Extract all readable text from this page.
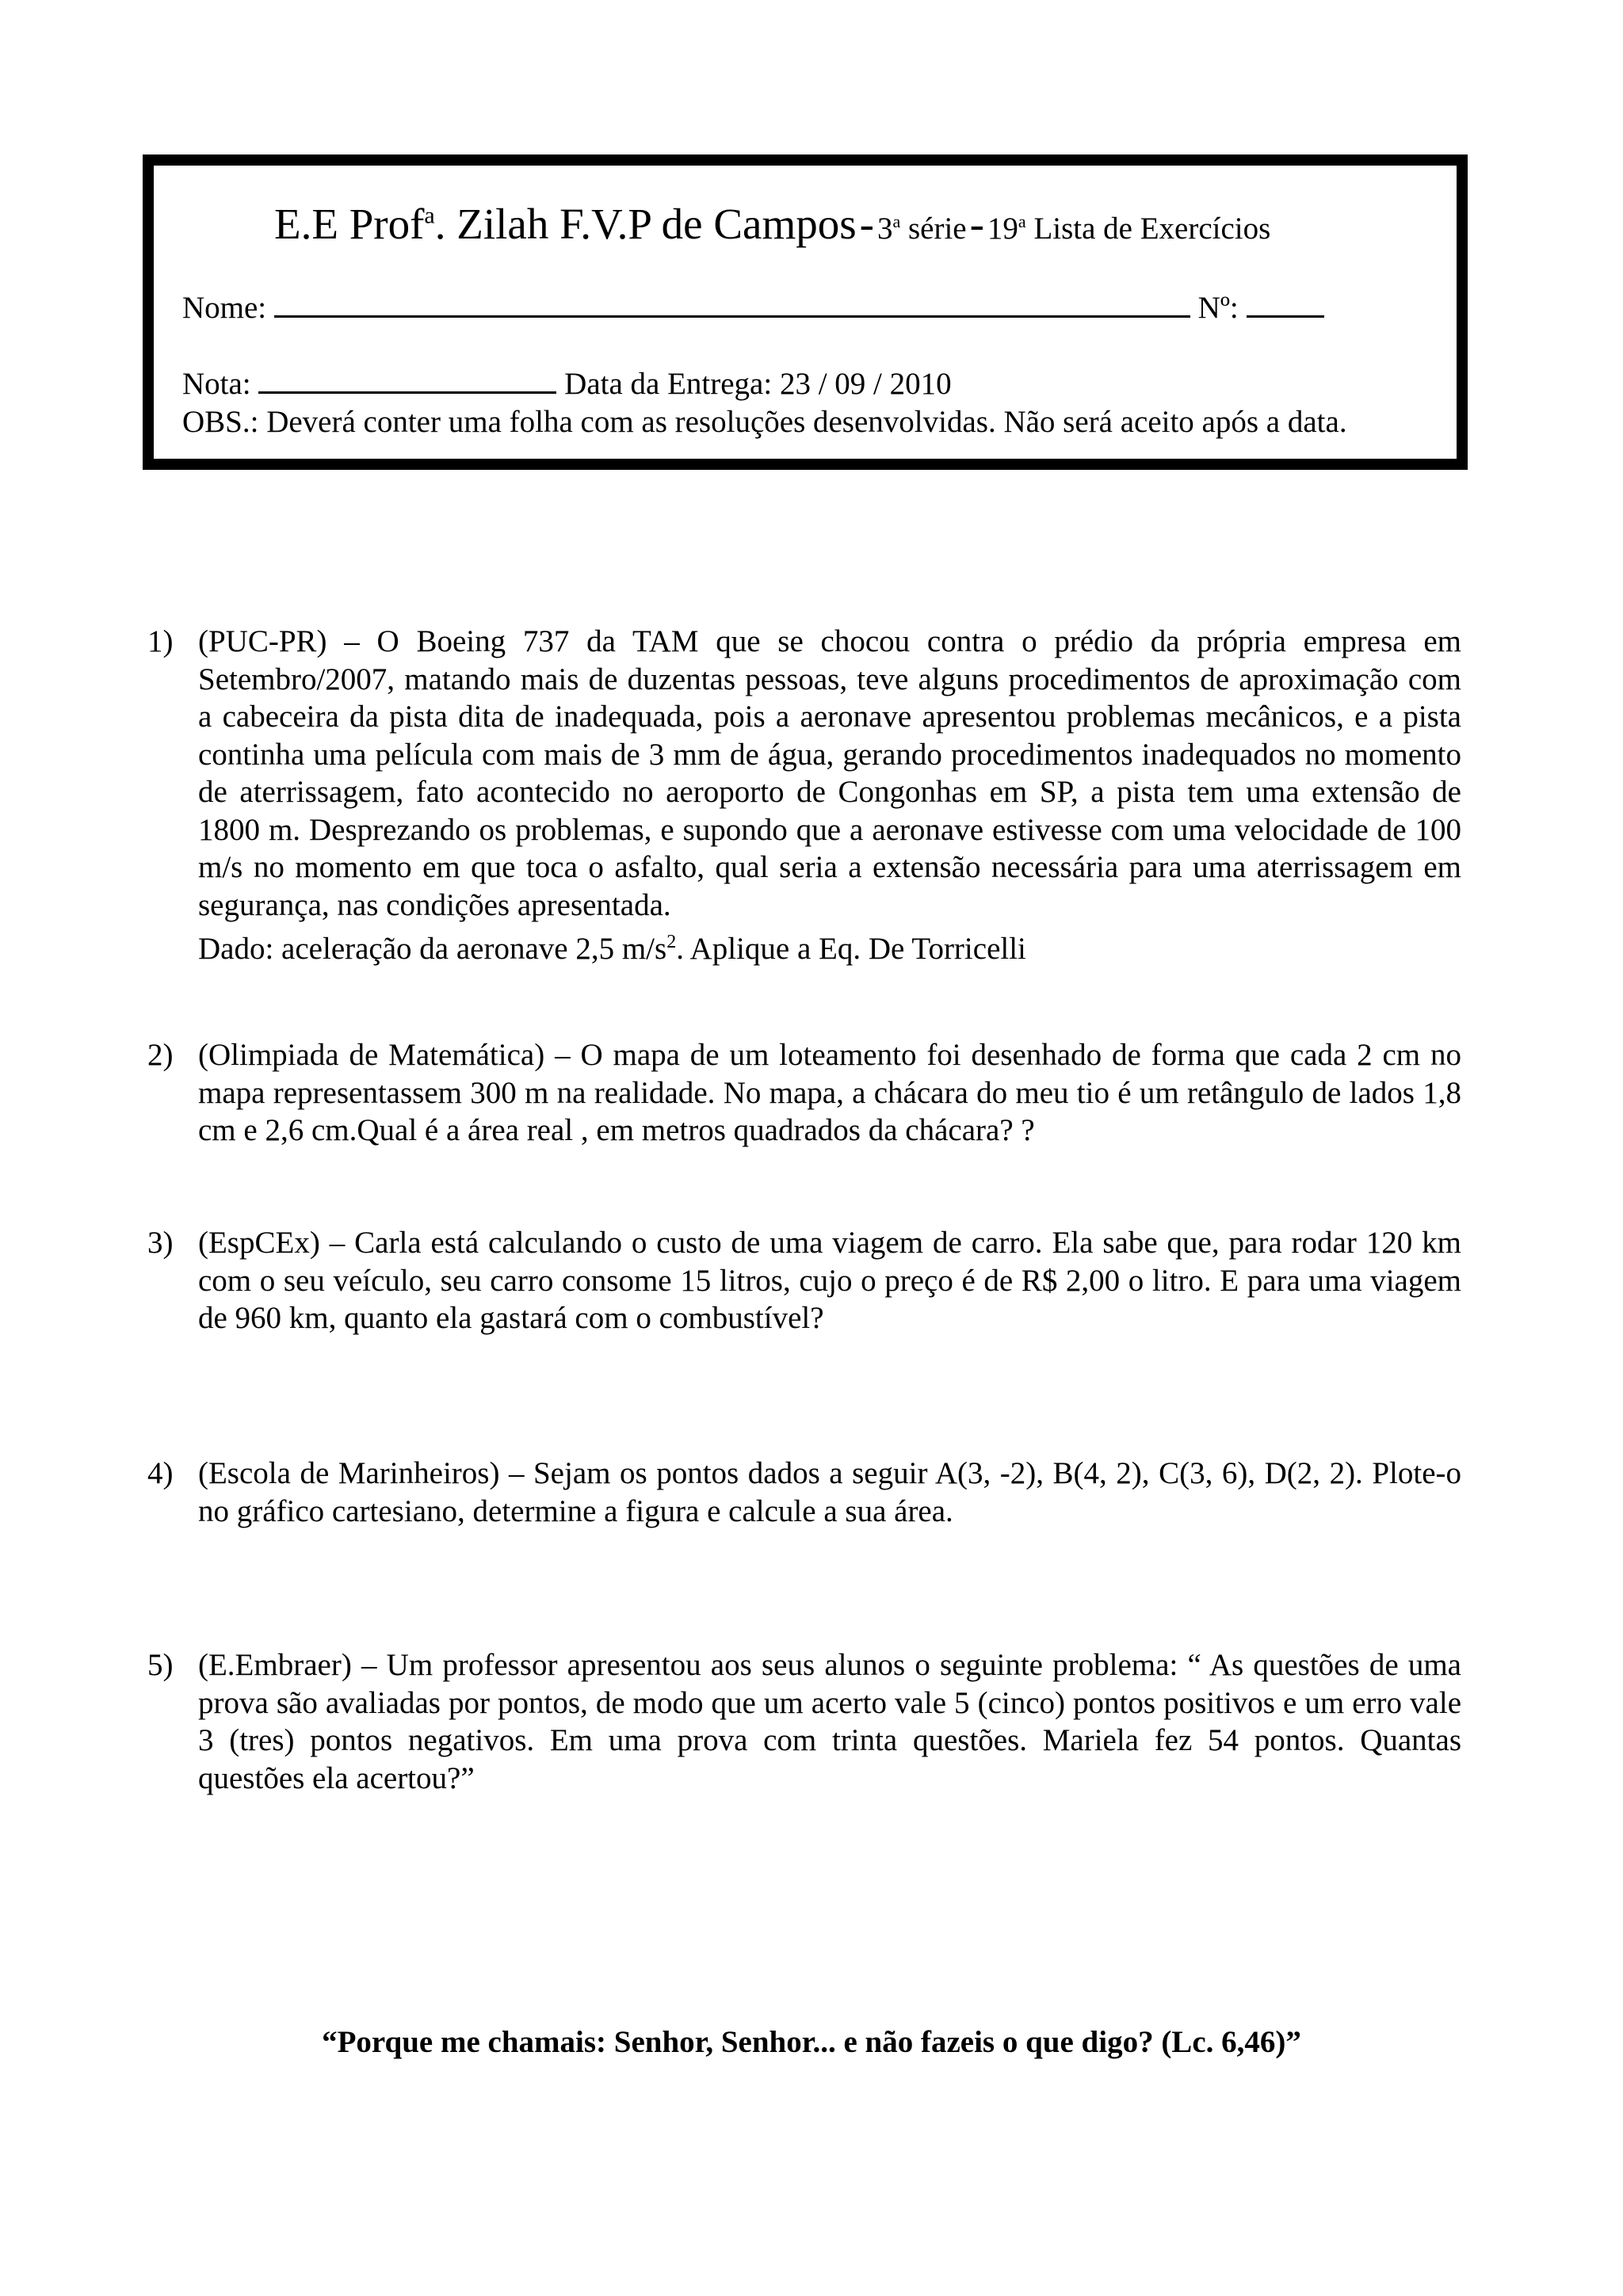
E.E Prof$^a$. Zilah F.V.P de Campos - 3$^a$ série - 19$^a$ Lista de Exercícios
Nome:	Nº:
Nota:	Data da Entrega: 23 / 09 / 2010
OBS.: Deverá conter uma folha com as resoluções desenvolvidas. Não será aceito após a data.
1) (PUC-PR) – O Boeing 737 da TAM que se chocou contra o prédio da própria empresa em Setembro/2007, matando mais de duzentas pessoas, teve alguns procedimentos de aproximação com a cabeceira da pista dita de inadequada, pois a aeronave apresentou problemas mecânicos, e a pista continha uma película com mais de 3 mm de água, gerando procedimentos inadequados no momento de aterrissagem, fato acontecido no aeroporto de Congonhas em SP, a pista tem uma extensão de 1800 m. Desprezando os problemas, e supondo que a aeronave estivesse com uma velocidade de 100 m/s no momento em que toca o asfalto, qual seria a extensão necessária para uma aterrissagem em segurança, nas condições apresentada.

Dado: aceleração da aeronave 2,5 $m/s^2$. Aplique a Eq. De Torricelli

2) (Olimpiada de Matemática) – O mapa de um loteamento foi desenhado de forma que cada 2 cm no mapa representassem 300 m na realidade. No mapa, a chácara do meu tio é um retângulo de lados 1,8 cm e 2,6 cm.Qual é a área real , em metros quadrados da chácara? ?

3) (EspCEx) – Carla está calculando o custo de uma viagem de carro. Ela sabe que, para rodar 120 km com o seu veículo, seu carro consome 15 litros, cujo o preço é de R$ 2,00 o litro. E para uma viagem de 960 km, quanto ela gastará com o combustível?

4) (Escola de Marinheiros) – Sejam os pontos dados a seguir A(3, -2), B(4, 2), C(3, 6), D(2, 2). Plote-o no gráfico cartesiano, determine a figura e calcule a sua área.

5) (E.Embraer) – Um professor apresentou aos seus alunos o seguinte problema: “ As questões de uma prova são avaliadas por pontos, de modo que um acerto vale 5 (cinco) pontos positivos e um erro vale 3 (tres) pontos negativos. Em uma prova com trinta questões. Mariela fez 54 pontos. Quantas questões ela acertou?”

“Porque me chamais: Senhor, Senhor... e não fazeis o que digo? (Lc. 6,46)”
